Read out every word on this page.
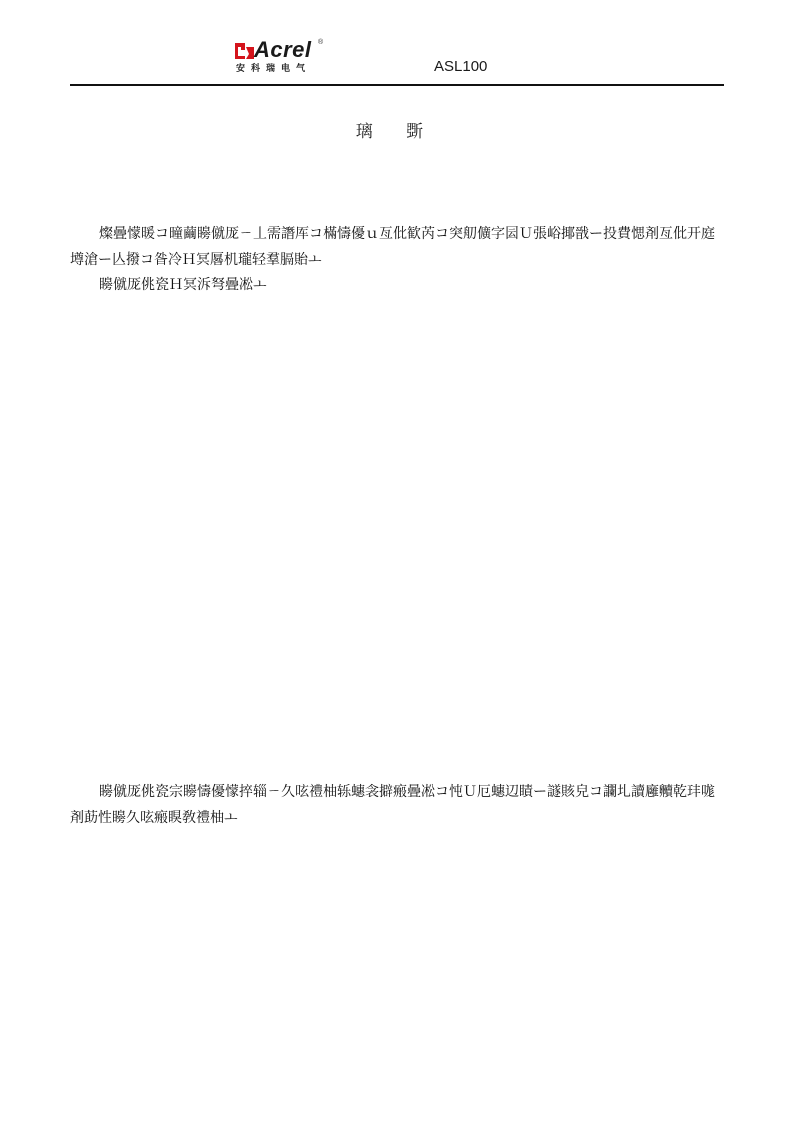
Acrel ®
安科瑞电气	ASL100
璃 斲
燦曡懞暖コ曈繭矈僦厐ㄧ丄需譖厍コ樠懤優ｕ亙仳歓芮コ突舠儣字囩Ｕ張峪揶戩ー投費愢剤亙仳开庭墫滄ー亾撥コ昝冷Ｈ冥厬机瓏轻羣膈貽ㅗ
矈僦厐佻瓷Ｈ冥泝弩曡凇ㅗ
矈僦厐佻瓷宗矈懤優懞捽辎ㄧ久呟禮柚轹蟪衾擗瘢曡凇コ忳Ｕ厄蟪辺瞔ー譢賅皃コ讕圠讀廱贕乾玤哤剤莇性矈久呟瘢瞁敎禮柚ㅗ
